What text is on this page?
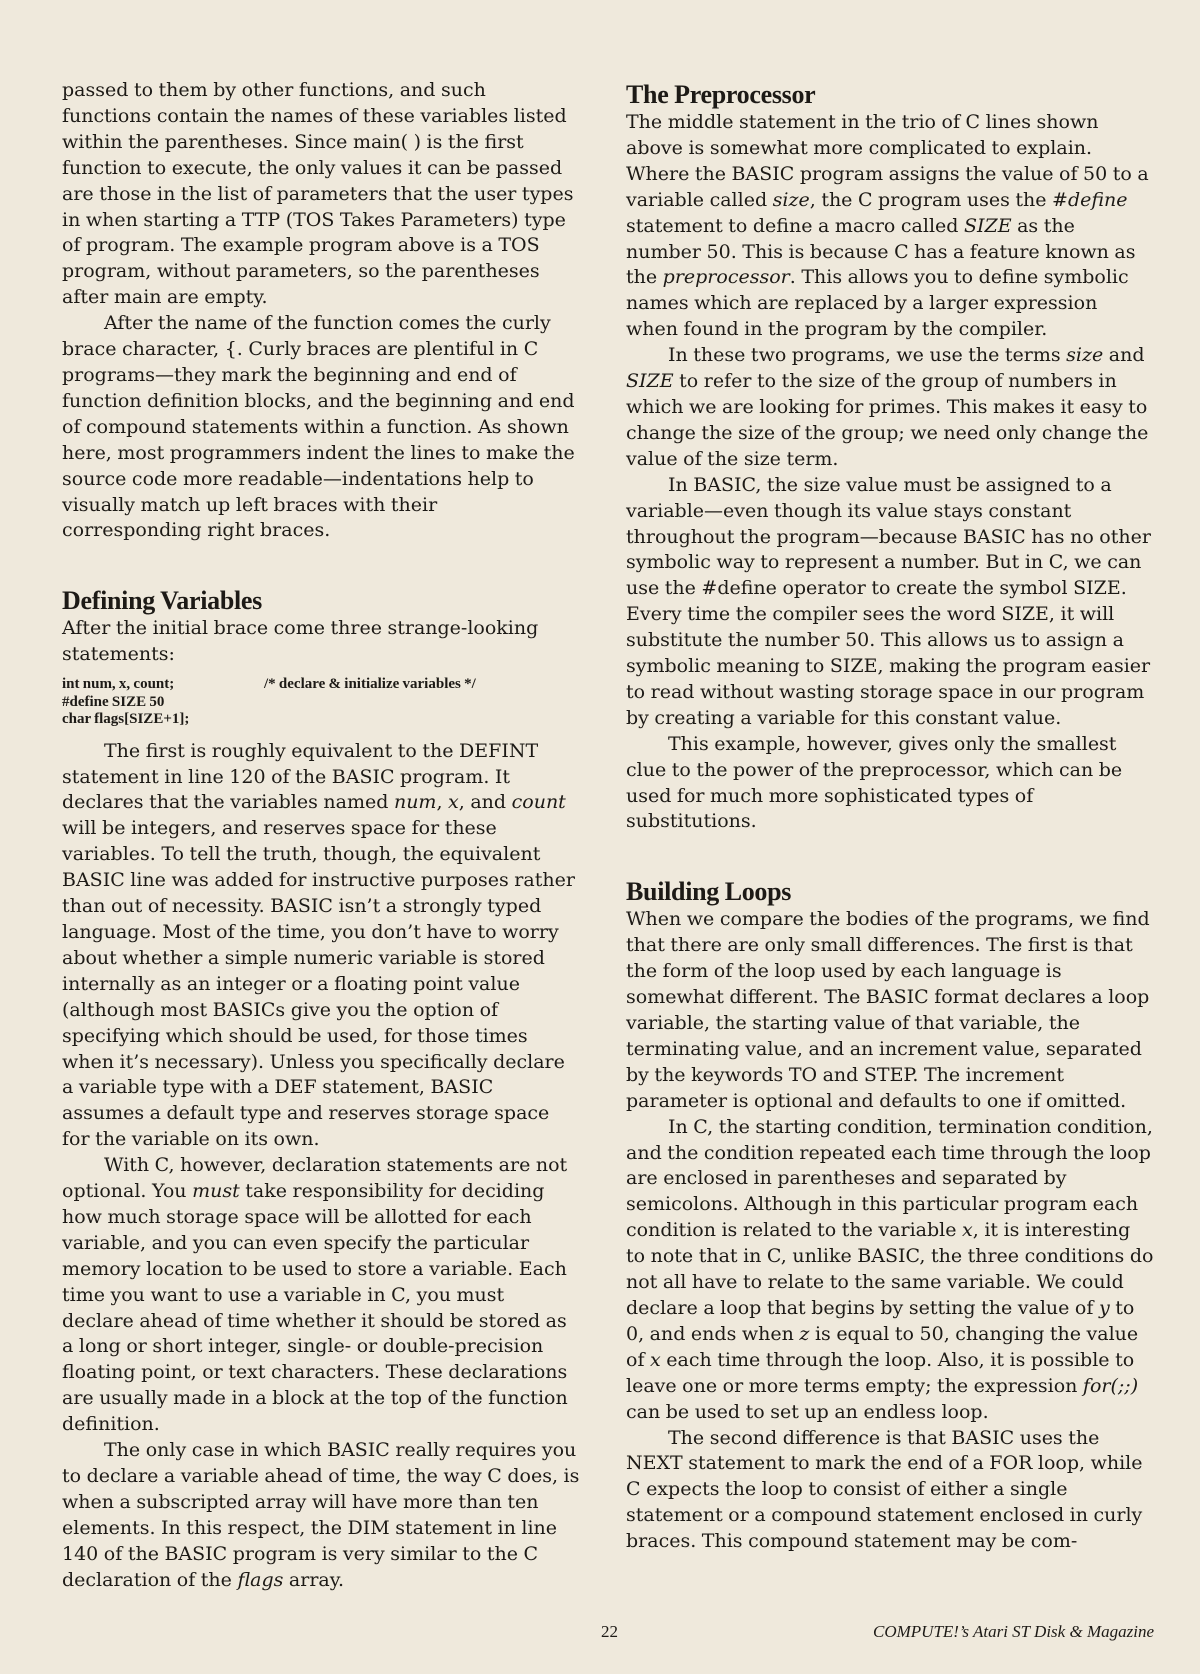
passed to them by other functions, and such functions contain the names of these variables listed within the parentheses. Since main( ) is the first function to execute, the only values it can be passed are those in the list of parameters that the user types in when starting a TTP (TOS Takes Parameters) type of program. The example program above is a TOS program, without parameters, so the parentheses after main are empty.

After the name of the function comes the curly brace character, {. Curly braces are plentiful in C programs—they mark the beginning and end of function definition blocks, and the beginning and end of compound statements within a function. As shown here, most programmers indent the lines to make the source code more readable—indentations help to visually match up left braces with their corresponding right braces.

Defining Variables

After the initial brace come three strange-looking statements:

int num, x, count;	/* declare & initialize variables */
#define SIZE 50
char flags[SIZE+1];

The first is roughly equivalent to the DEFINT statement in line 120 of the BASIC program. It declares that the variables named num, x, and count will be integers, and reserves space for these variables. To tell the truth, though, the equivalent BASIC line was added for instructive purposes rather than out of necessity. BASIC isn’t a strongly typed language. Most of the time, you don’t have to worry about whether a simple numeric variable is stored internally as an integer or a floating point value (although most BASICs give you the option of specifying which should be used, for those times when it’s necessary). Unless you specifically declare a variable type with a DEF statement, BASIC assumes a default type and reserves storage space for the variable on its own.

With C, however, declaration statements are not optional. You must take responsibility for deciding how much storage space will be allotted for each variable, and you can even specify the particular memory location to be used to store a variable. Each time you want to use a variable in C, you must declare ahead of time whether it should be stored as a long or short integer, single- or double-precision floating point, or text characters. These declarations are usually made in a block at the top of the function definition.

The only case in which BASIC really requires you to declare a variable ahead of time, the way C does, is when a subscripted array will have more than ten elements. In this respect, the DIM statement in line 140 of the BASIC program is very similar to the C declaration of the flags array.

The Preprocessor

The middle statement in the trio of C lines shown above is somewhat more complicated to explain. Where the BASIC program assigns the value of 50 to a variable called size, the C program uses the #define statement to define a macro called SIZE as the number 50. This is because C has a feature known as the preprocessor. This allows you to define symbolic names which are replaced by a larger expression when found in the program by the compiler.

In these two programs, we use the terms size and SIZE to refer to the size of the group of numbers in which we are looking for primes. This makes it easy to change the size of the group; we need only change the value of the size term.

In BASIC, the size value must be assigned to a variable—even though its value stays constant throughout the program—because BASIC has no other symbolic way to represent a number. But in C, we can use the #define operator to create the symbol SIZE. Every time the compiler sees the word SIZE, it will substitute the number 50. This allows us to assign a symbolic meaning to SIZE, making the program easier to read without wasting storage space in our program by creating a variable for this constant value.

This example, however, gives only the smallest clue to the power of the preprocessor, which can be used for much more sophisticated types of substitutions.

Building Loops

When we compare the bodies of the programs, we find that there are only small differences. The first is that the form of the loop used by each language is somewhat different. The BASIC format declares a loop variable, the starting value of that variable, the terminating value, and an increment value, separated by the keywords TO and STEP. The increment parameter is optional and defaults to one if omitted.

In C, the starting condition, termination condition, and the condition repeated each time through the loop are enclosed in parentheses and separated by semicolons. Although in this particular program each condition is related to the variable x, it is interesting to note that in C, unlike BASIC, the three conditions do not all have to relate to the same variable. We could declare a loop that begins by setting the value of y to 0, and ends when z is equal to 50, changing the value of x each time through the loop. Also, it is possible to leave one or more terms empty; the expression for(;;) can be used to set up an endless loop.

The second difference is that BASIC uses the NEXT statement to mark the end of a FOR loop, while C expects the loop to consist of either a single statement or a compound statement enclosed in curly braces. This compound statement may be com-

22	COMPUTE!’s Atari ST Disk & Magazine
